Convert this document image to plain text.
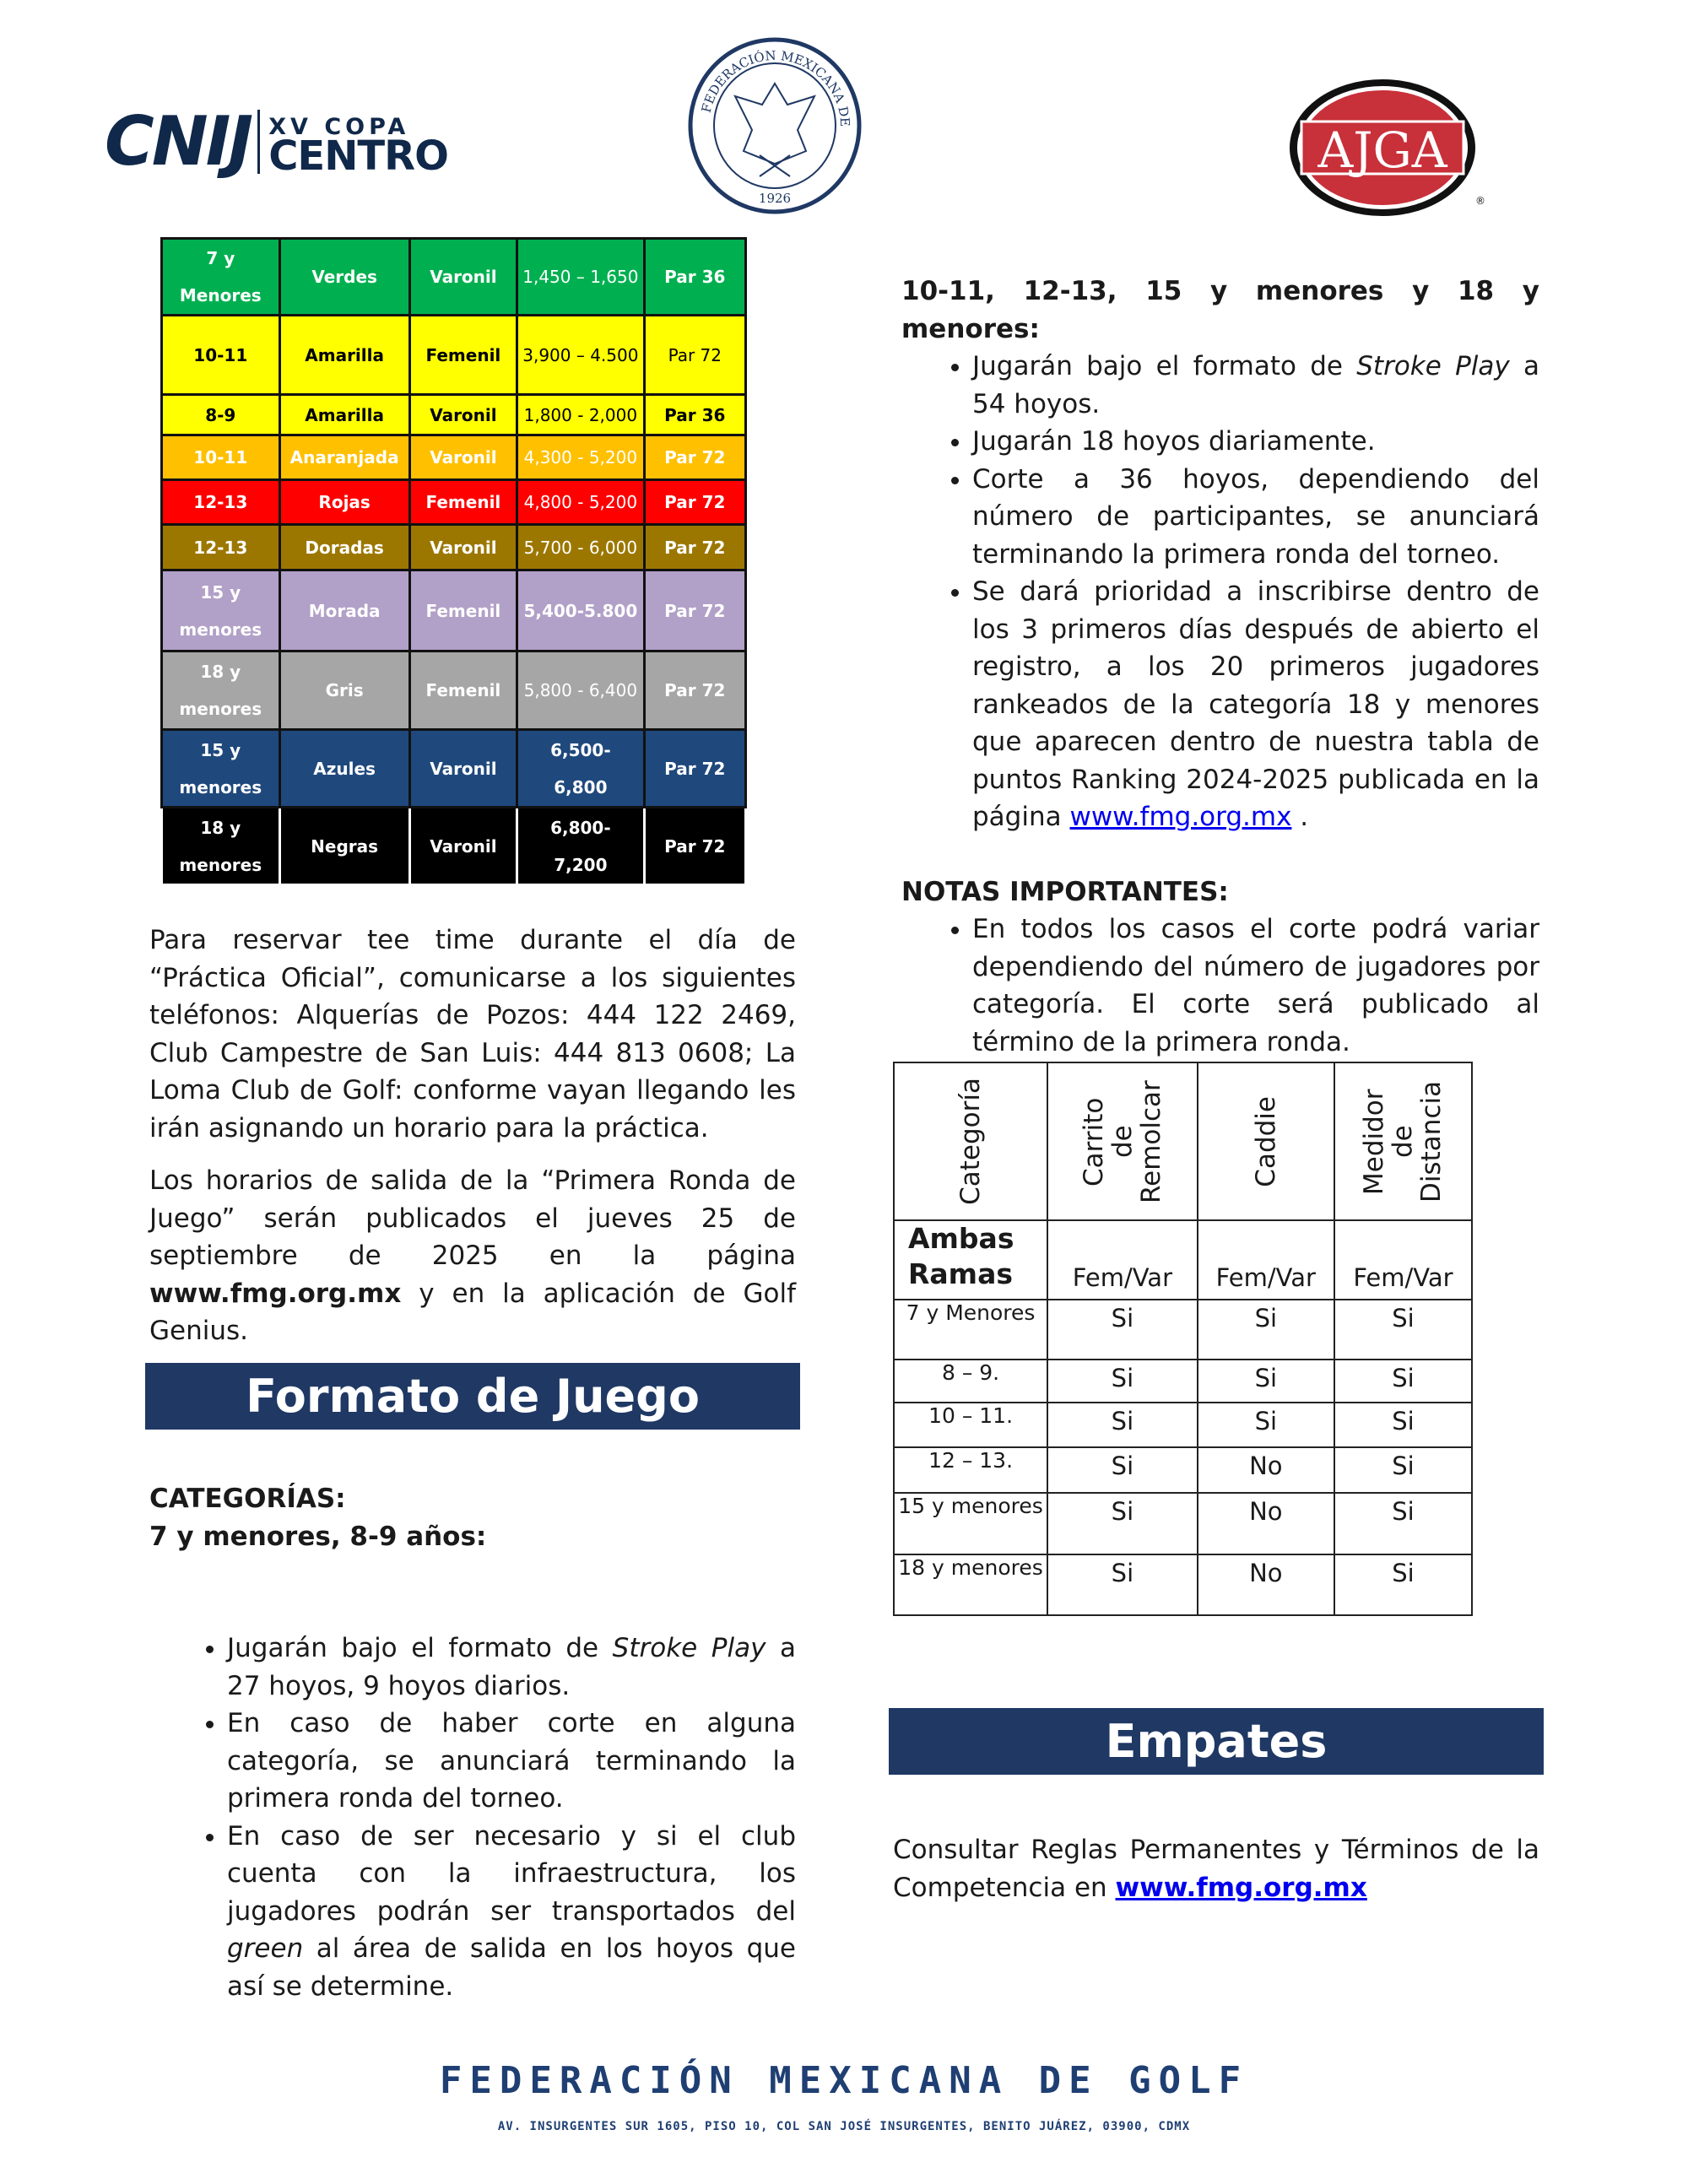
CNIJ XV COPA
CENTRO
FEDERACIÓN MEXICANA DE
1926
AJGA
®
7 y Menores	Verdes	Varonil	1,450 – 1,650	Par 36
10-11	Amarilla	Femenil	3,900 – 4.500	Par 72
8-9	Amarilla	Varonil	1,800 - 2,000	Par 36
10-11	Anaranjada	Varonil	4,300 - 5,200	Par 72
12-13	Rojas	Femenil	4,800 - 5,200	Par 72
12-13	Doradas	Varonil	5,700 - 6,000	Par 72
15 y menores	Morada	Femenil	5,400-5.800	Par 72
18 y menores	Gris	Femenil	5,800 - 6,400	Par 72
15 y menores	Azules	Varonil	6,500- 6,800	Par 72
18 y menores	Negras	Varonil	6,800- 7,200	Par 72

Para reservar tee time durante el día de “Práctica Oficial”, comunicarse a los siguientes teléfonos: Alquerías de Pozos: 444 122 2469, Club Campestre de San Luis: 444 813 0608; La Loma Club de Golf: conforme vayan llegando les irán asignando un horario para la práctica.

Los horarios de salida de la “Primera Ronda de Juego” serán publicados el jueves 25 de septiembre de 2025 en la página www.fmg.org.mx y en la aplicación de Golf Genius.

Formato de Juego
CATEGORÍAS:
7 y menores, 8-9 años:
• Jugarán bajo el formato de Stroke Play a 27 hoyos, 9 hoyos diarios.
• En caso de haber corte en alguna categoría, se anunciará terminando la primera ronda del torneo.
• En caso de ser necesario y si el club cuenta con la infraestructura, los jugadores podrán ser transportados del green al área de salida en los hoyos que así se determine.
10-11, 12-13, 15 y menores y 18 y menores:
• Jugarán bajo el formato de Stroke Play a 54 hoyos.
• Jugarán 18 hoyos diariamente.
• Corte a 36 hoyos, dependiendo del número de participantes, se anunciará terminando la primera ronda del torneo.
• Se dará prioridad a inscribirse dentro de los 3 primeros días después de abierto el registro, a los 20 primeros jugadores rankeados de la categoría 18 y menores que aparecen dentro de nuestra tabla de puntos Ranking 2024-2025 publicada en la página www.fmg.org.mx .
NOTAS IMPORTANTES:
• En todos los casos el corte podrá variar dependiendo del número de jugadores por categoría. El corte será publicado al término de la primera ronda.
Categoría	Carrito de Remolcar	Caddie	Medidor de Distancia

Ambas Ramas	Fem/Var	Fem/Var	Fem/Var
7 y Menores	Si	Si	Si
8 – 9.	Si	Si	Si
10 – 11.	Si	Si	Si
12 – 13.	Si	No	Si
15 y menores	Si	No	Si
18 y menores	Si	No	Si
Empates
Consultar Reglas Permanentes y Términos de la Competencia en www.fmg.org.mx
FEDERACIÓN MEXICANA DE GOLF
AV. INSURGENTES SUR 1605, PISO 10, COL SAN JOSÉ INSURGENTES, BENITO JUÁREZ, 03900, CDMX
